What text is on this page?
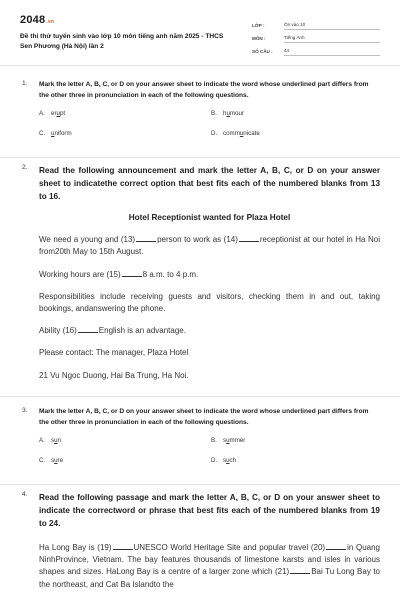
2048.vn
Đề thi thử tuyển sinh vào lớp 10 môn tiếng anh năm 2025 - THCS Sen Phương (Hà Nội) lần 2
LỚP :	Ôn vào 10
MÔN :	Tiếng Anh
SỐ CÂU :	44
1.	Mark the letter A, B, C, or D on your answer sheet to indicate the word whose underlined part differs from the other three in pronunciation in each of the following questions.
A. erupt	B. humour
C. uniform	D. communicate
2.	Read the following announcement and mark the letter A, B, C, or D on your answer sheet to indicatethe correct option that best fits each of the numbered blanks from 13 to 16.
Hotel Receptionist wanted for Plaza Hotel
We need a young and (13)	person to work as (14)	receptionist at our hotel in Ha Noi from20th May to 15th August.
Working hours are (15)	8 a.m. to 4 p.m.
Responsibilities include receiving guests and visitors, checking them in and out, taking bookings, andanswering the phone.
Ability (16)	English is an advantage.
Please contact: The manager, Plaza Hotel
21 Vu Ngoc Duong, Hai Ba Trung, Ha Noi.
3.	Mark the letter A, B, C, or D on your answer sheet to indicate the word whose underlined part differs from the other three in pronunciation in each of the following questions.
A. sun	B. summer
C. sure	D. such
4.	Read the following passage and mark the letter A, B, C, or D on your answer sheet to indicate the correctword or phrase that best fits each of the numbered blanks from 19 to 24.
Ha Long Bay is (19)	UNESCO World Heritage Site and popular travel (20)	in Quang NinhProvince, Vietnam. The bay features thousands of limestone karsts and isles in various shapes and sizes. HaLong Bay is a centre of a larger zone which (21)	Bai Tu Long Bay to the northeast, and Cat Ba Islandto the
